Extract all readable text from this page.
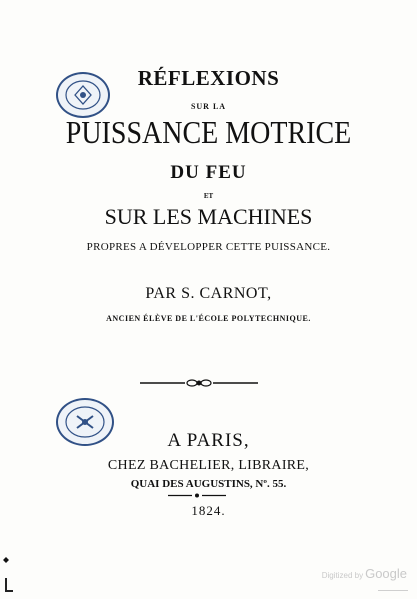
RÉFLEXIONS
SUR LA
PUISSANCE MOTRICE
DU FEU
ET
SUR LES MACHINES
PROPRES A DÉVELOPPER CETTE PUISSANCE.
PAR S. CARNOT,
ANCIEN ÉLÈVE DE L'ÉCOLE POLYTECHNIQUE.
A PARIS,
CHEZ BACHELIER, LIBRAIRE,
QUAI DES AUGUSTINS, Nº. 55.
1824.
Digitized by Google
